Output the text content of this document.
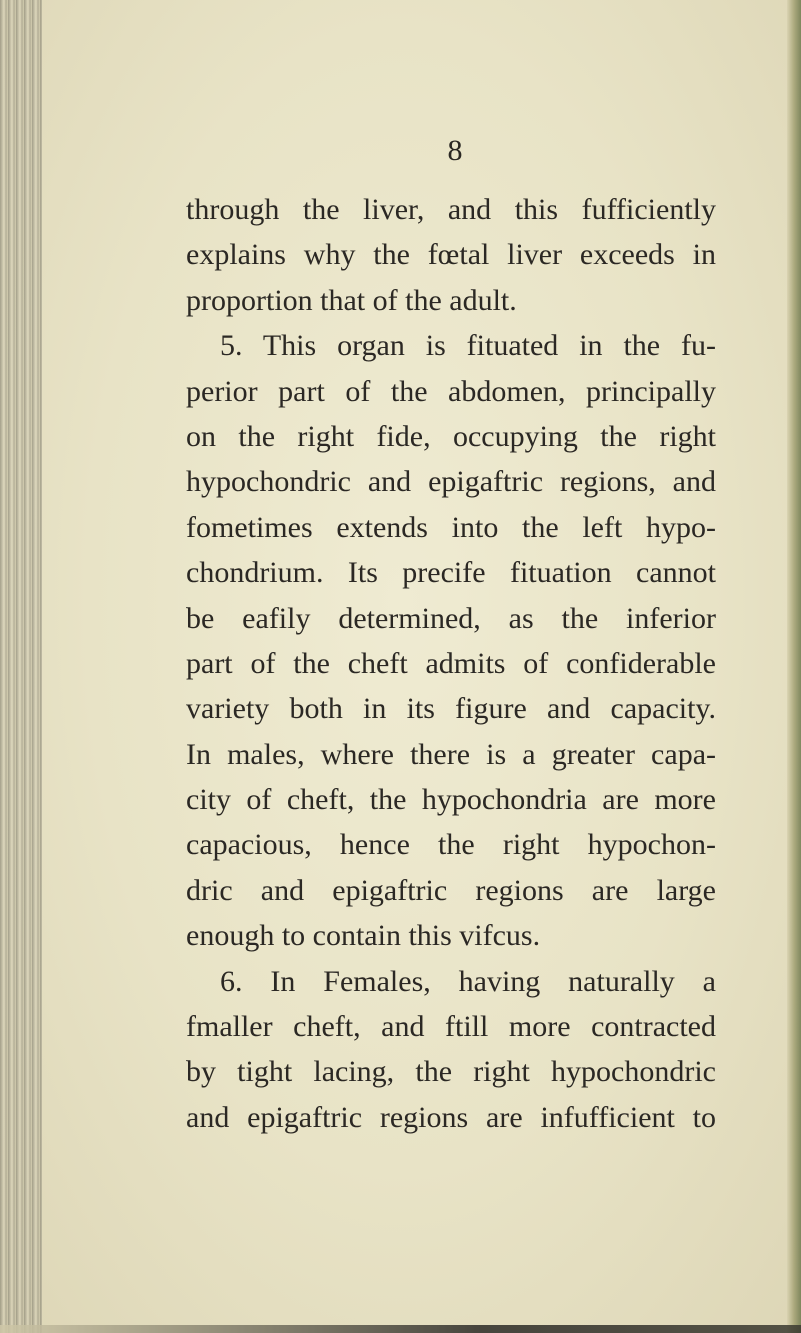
8
through the liver, and this fufficiently
explains why the fœtal liver exceeds in
proportion that of the adult.
5. This organ is fituated in the fu-
perior part of the abdomen, principally
on the right fide, occupying the right
hypochondric and epigaftric regions, and
fometimes extends into the left hypo-
chondrium. Its precife fituation cannot
be eafily determined, as the inferior
part of the cheft admits of confiderable
variety both in its figure and capacity.
In males, where there is a greater capa-
city of cheft, the hypochondria are more
capacious, hence the right hypochon-
dric and epigaftric regions are large
enough to contain this vifcus.
6. In Females, having naturally a
fmaller cheft, and ftill more contracted
by tight lacing, the right hypochondric
and epigaftric regions are infufficient to
